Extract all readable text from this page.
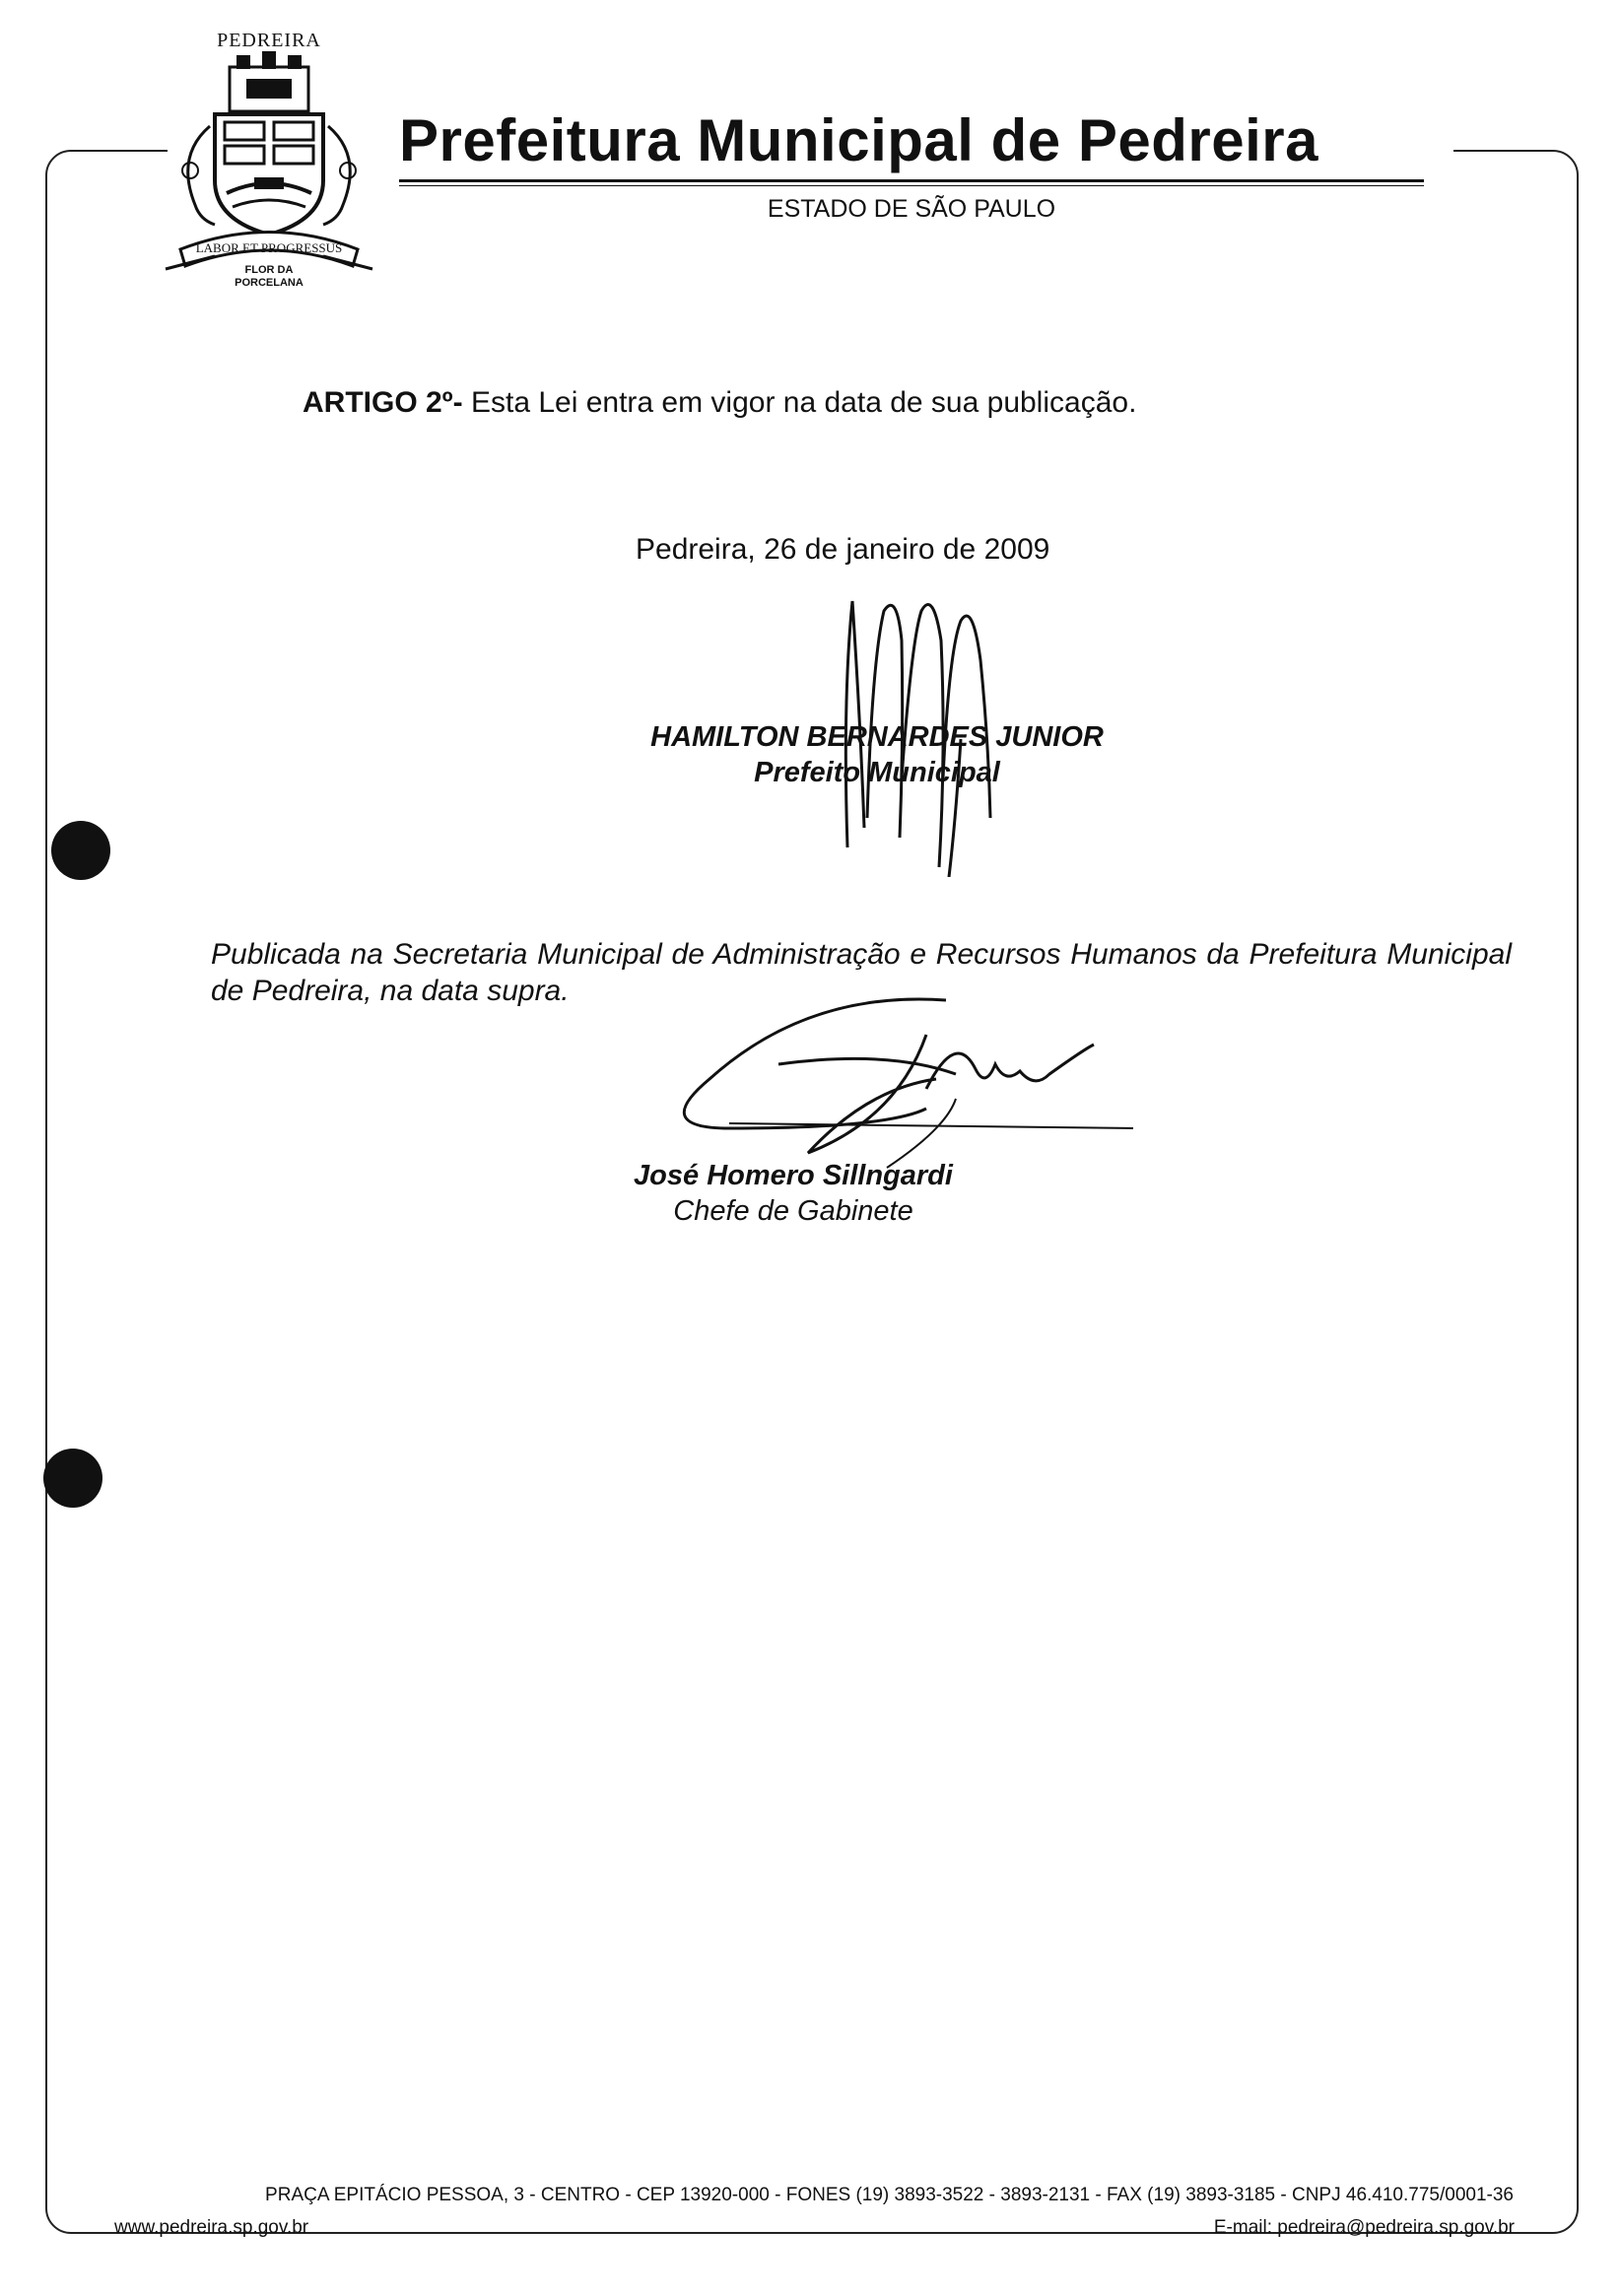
PEDREIRA
LABOR ET PROGRESSUS
FLOR DA
PORCELANA
Prefeitura Municipal de Pedreira
ESTADO DE SÃO PAULO
ARTIGO 2º- Esta Lei entra em vigor na data de sua publicação.
Pedreira, 26 de janeiro de 2009
HAMILTON BERNARDES JUNIOR
Prefeito Municipal
Publicada na Secretaria Municipal de Administração e Recursos Humanos da Prefeitura Municipal de Pedreira, na data supra.
José Homero Sillngardi
Chefe de Gabinete
PRAÇA EPITÁCIO PESSOA, 3 - CENTRO - CEP 13920-000 - FONES (19) 3893-3522 - 3893-2131 - FAX (19) 3893-3185 - CNPJ 46.410.775/0001-36
www.pedreira.sp.gov.br	E-mail: pedreira@pedreira.sp.gov.br
